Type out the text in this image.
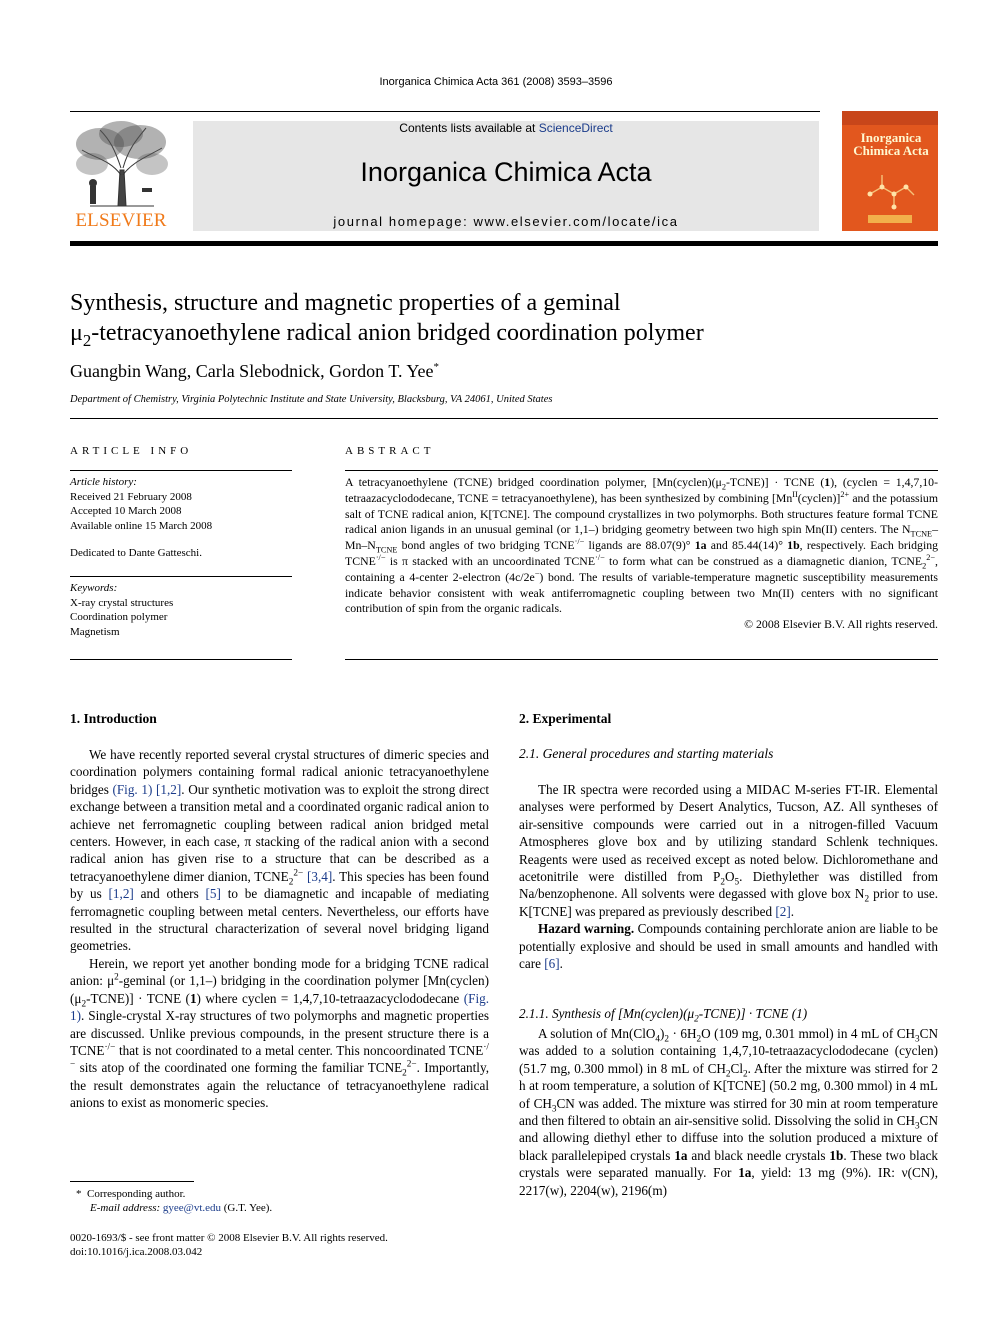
Inorganica Chimica Acta 361 (2008) 3593–3596
ELSEVIER
Contents lists available at ScienceDirect
Inorganica Chimica Acta
journal homepage: www.elsevier.com/locate/ica
Inorganica Chimica Acta
Synthesis, structure and magnetic properties of a geminal
$\mu_2$-tetracyanoethylene radical anion bridged coordination polymer
Guangbin Wang, Carla Slebodnick, Gordon T. Yee*
Department of Chemistry, Virginia Polytechnic Institute and State University, Blacksburg, VA 24061, United States
ARTICLE INFO
Article history:
Received 21 February 2008
Accepted 10 March 2008
Available online 15 March 2008
Dedicated to Dante Gatteschi.
Keywords:
X-ray crystal structures
Coordination polymer
Magnetism
ABSTRACT

A tetracyanoethylene (TCNE) bridged coordination polymer, $[Mn(cyclen)(\mu_2-TCNE)]$ · TCNE (1), (cyclen = 1,4,7,10-tetraazacyclododecane, TCNE = tetracyanoethylene), has been synthesized by combining $[Mn^{II}(cyclen)]^{2+}$ and the potassium salt of TCNE radical anion, K[TCNE]. The compound crystallizes in two polymorphs. Both structures feature formal TCNE radical anion ligands in an unusual geminal (or 1,1–) bridging geometry between two high spin Mn(II) centers. The $N_{TCNE}-Mn-N_{TCNE}$ bond angles of two bridging TCNE·/− ligands are 88.07(9)° 1a and 85.44(14)° 1b, respectively. Each bridging TCNE·/− is π stacked with an uncoordinated TCNE·/− to form what can be construed as a diamagnetic dianion, $TCNE_2^{2-}$, containing a 4-center 2-electron (4c/2e−) bond. The results of variable-temperature magnetic susceptibility measurements indicate behavior consistent with weak antiferromagnetic coupling between two Mn(II) centers with no significant contribution of spin from the organic radicals.

© 2008 Elsevier B.V. All rights reserved.
1. Introduction

We have recently reported several crystal structures of dimeric species and coordination polymers containing formal radical anionic tetracyanoethylene bridges (Fig. 1) [1,2]. Our synthetic motivation was to exploit the strong direct exchange between a transition metal and a coordinated organic radical anion to achieve net ferromagnetic coupling between radical anion bridged metal centers. However, in each case, π stacking of the radical anion with a second radical anion has given rise to a structure that can be described as a tetracyanoethylene dimer dianion, $TCNE_2^{2-}$ [3,4]. This species has been found by us [1,2] and others [5] to be diamagnetic and incapable of mediating ferromagnetic coupling between metal centers. Nevertheless, our efforts have resulted in the structural characterization of several novel bridging ligand geometries.

Herein, we report yet another bonding mode for a bridging TCNE radical anion: $\mu^2$-geminal (or 1,1–) bridging in the coordination polymer $[Mn(cyclen)(\mu_2-TCNE)]$ · TCNE (1) where cyclen = 1,4,7,10-tetraazacyclododecane (Fig. 1). Single-crystal X-ray structures of two polymorphs and magnetic properties are discussed. Unlike previous compounds, in the present structure there is a TCNE·/− that is not coordinated to a metal center. This noncoordinated TCNE·/− sits atop of the coordinated one forming the familiar $TCNE_2^{2-}$. Importantly, the result demonstrates again the reluctance of tetracyanoethylene radical anions to exist as monomeric species.

* Corresponding author.
E-mail address: gyee@vt.edu (G.T. Yee).
0020-1693/$ - see front matter © 2008 Elsevier B.V. All rights reserved.
doi:10.1016/j.ica.2008.03.042
2. Experimental
2.1. General procedures and starting materials

The IR spectra were recorded using a MIDAC M-series FT-IR. Elemental analyses were performed by Desert Analytics, Tucson, AZ. All syntheses of air-sensitive compounds were carried out in a nitrogen-filled Vacuum Atmospheres glove box and by utilizing standard Schlenk techniques. Reagents were used as received except as noted below. Dichloromethane and acetonitrile were distilled from $P_2O_5$. Diethylether was distilled from Na/benzophenone. All solvents were degassed with glove box $N_2$ prior to use. K[TCNE] was prepared as previously described [2].

Hazard warning. Compounds containing perchlorate anion are liable to be potentially explosive and should be used in small amounts and handled with care [6].

2.1.1. Synthesis of $[Mn(cyclen)(\mu_2-TCNE)]$ · TCNE (1)

A solution of $Mn(ClO_4)_2 \cdot 6H_2O$ (109 mg, 0.301 mmol) in 4 mL of $CH_3CN$ was added to a solution containing 1,4,7,10-tetraazacyclododecane (cyclen) (51.7 mg, 0.300 mmol) in 8 mL of $CH_2Cl_2$. After the mixture was stirred for 2 h at room temperature, a solution of K[TCNE] (50.2 mg, 0.300 mmol) in 4 mL of $CH_3CN$ was added. The mixture was stirred for 30 min at room temperature and then filtered to obtain an air-sensitive solid. Dissolving the solid in $CH_3CN$ and allowing diethyl ether to diffuse into the solution produced a mixture of black parallelepiped crystals 1a and black needle crystals 1b. These two black crystals were separated manually. For 1a, yield: 13 mg (9%). IR: ν(CN), 2217(w), 2204(w), 2196(m)
